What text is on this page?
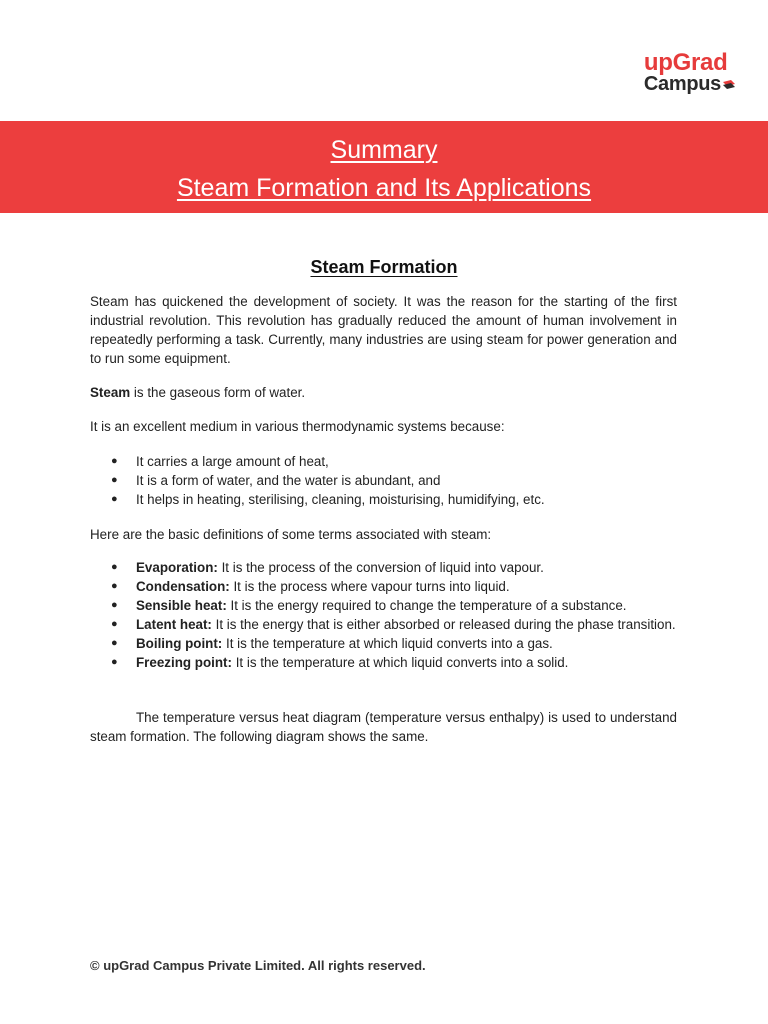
upGrad
Campus
Summary
Steam Formation and Its Applications
Steam Formation
Steam has quickened the development of society. It was the reason for the starting of the first industrial revolution. This revolution has gradually reduced the amount of human involvement in repeatedly performing a task. Currently, many industries are using steam for power generation and to run some equipment.
Steam is the gaseous form of water.
It is an excellent medium in various thermodynamic systems because:
● It carries a large amount of heat,
● It is a form of water, and the water is abundant, and
● It helps in heating, sterilising, cleaning, moisturising, humidifying, etc.
Here are the basic definitions of some terms associated with steam:
● Evaporation: It is the process of the conversion of liquid into vapour.
● Condensation: It is the process where vapour turns into liquid.
● Sensible heat: It is the energy required to change the temperature of a substance.
● Latent heat: It is the energy that is either absorbed or released during the phase transition.
● Boiling point: It is the temperature at which liquid converts into a gas.
● Freezing point: It is the temperature at which liquid converts into a solid.
The temperature versus heat diagram (temperature versus enthalpy) is used to understand steam formation. The following diagram shows the same.
© upGrad Campus Private Limited. All rights reserved.
